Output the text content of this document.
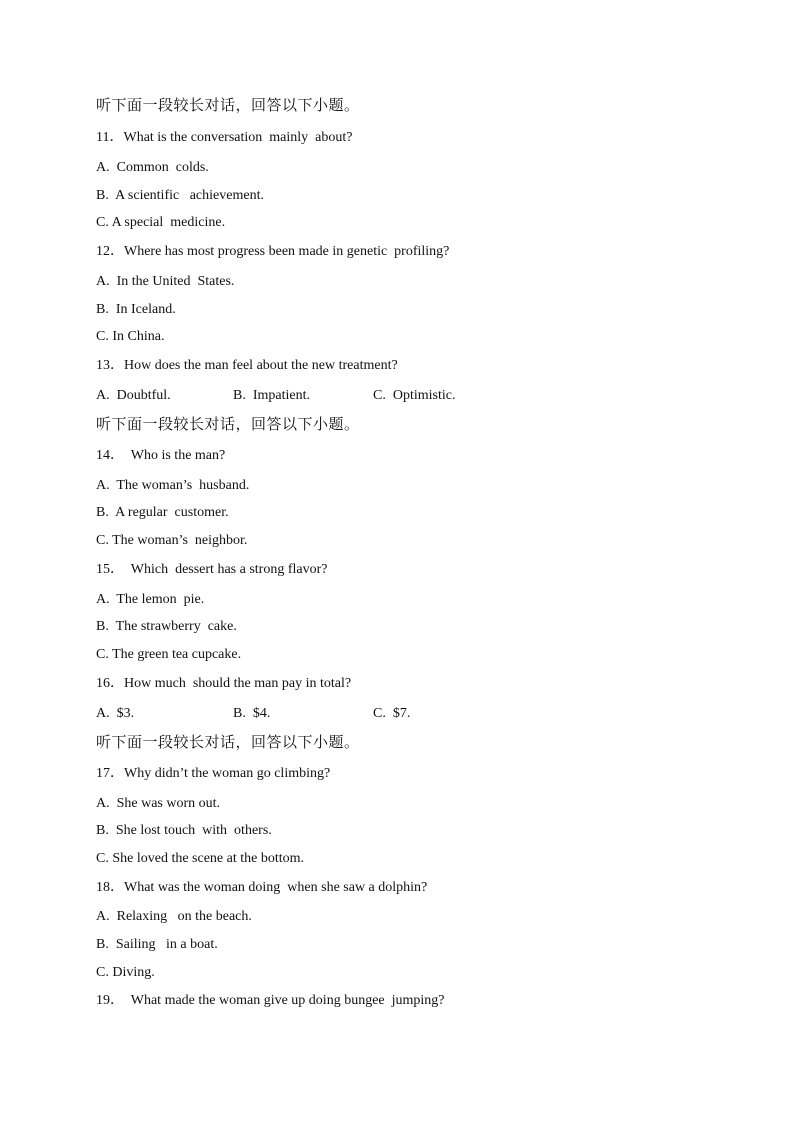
听下面一段较长对话，回答以下小题。
11．What is the conversation  mainly  about?
A.  Common  colds.
B.  A scientific   achievement.
C. A special  medicine.
12．Where has most progress been made in genetic  profiling?
A.  In the United  States.
B.  In Iceland.
C. In China.
13．How does the man feel about the new treatment?

A.  Doubtful.

	B.  Impatient.

	C.  Optimistic.

听下面一段较长对话，回答以下小题。
14．  Who is the man?
A.  The woman’s  husband.
B.  A regular  customer.
C. The woman’s  neighbor.
15．  Which  dessert has a strong flavor?
A.  The lemon  pie.
B.  The strawberry  cake.
C. The green tea cupcake.
16．How much  should the man pay in total?

A.  $3.

	B.  $4.

	C.  $7.

听下面一段较长对话，回答以下小题。
17．Why didn’t the woman go climbing?
A.  She was worn out.
B.  She lost touch  with  others.
C. She loved the scene at the bottom.
18．What was the woman doing  when she saw a dolphin?
A.  Relaxing   on the beach.
B.  Sailing   in a boat.
C. Diving.
19．  What made the woman give up doing bungee  jumping?
